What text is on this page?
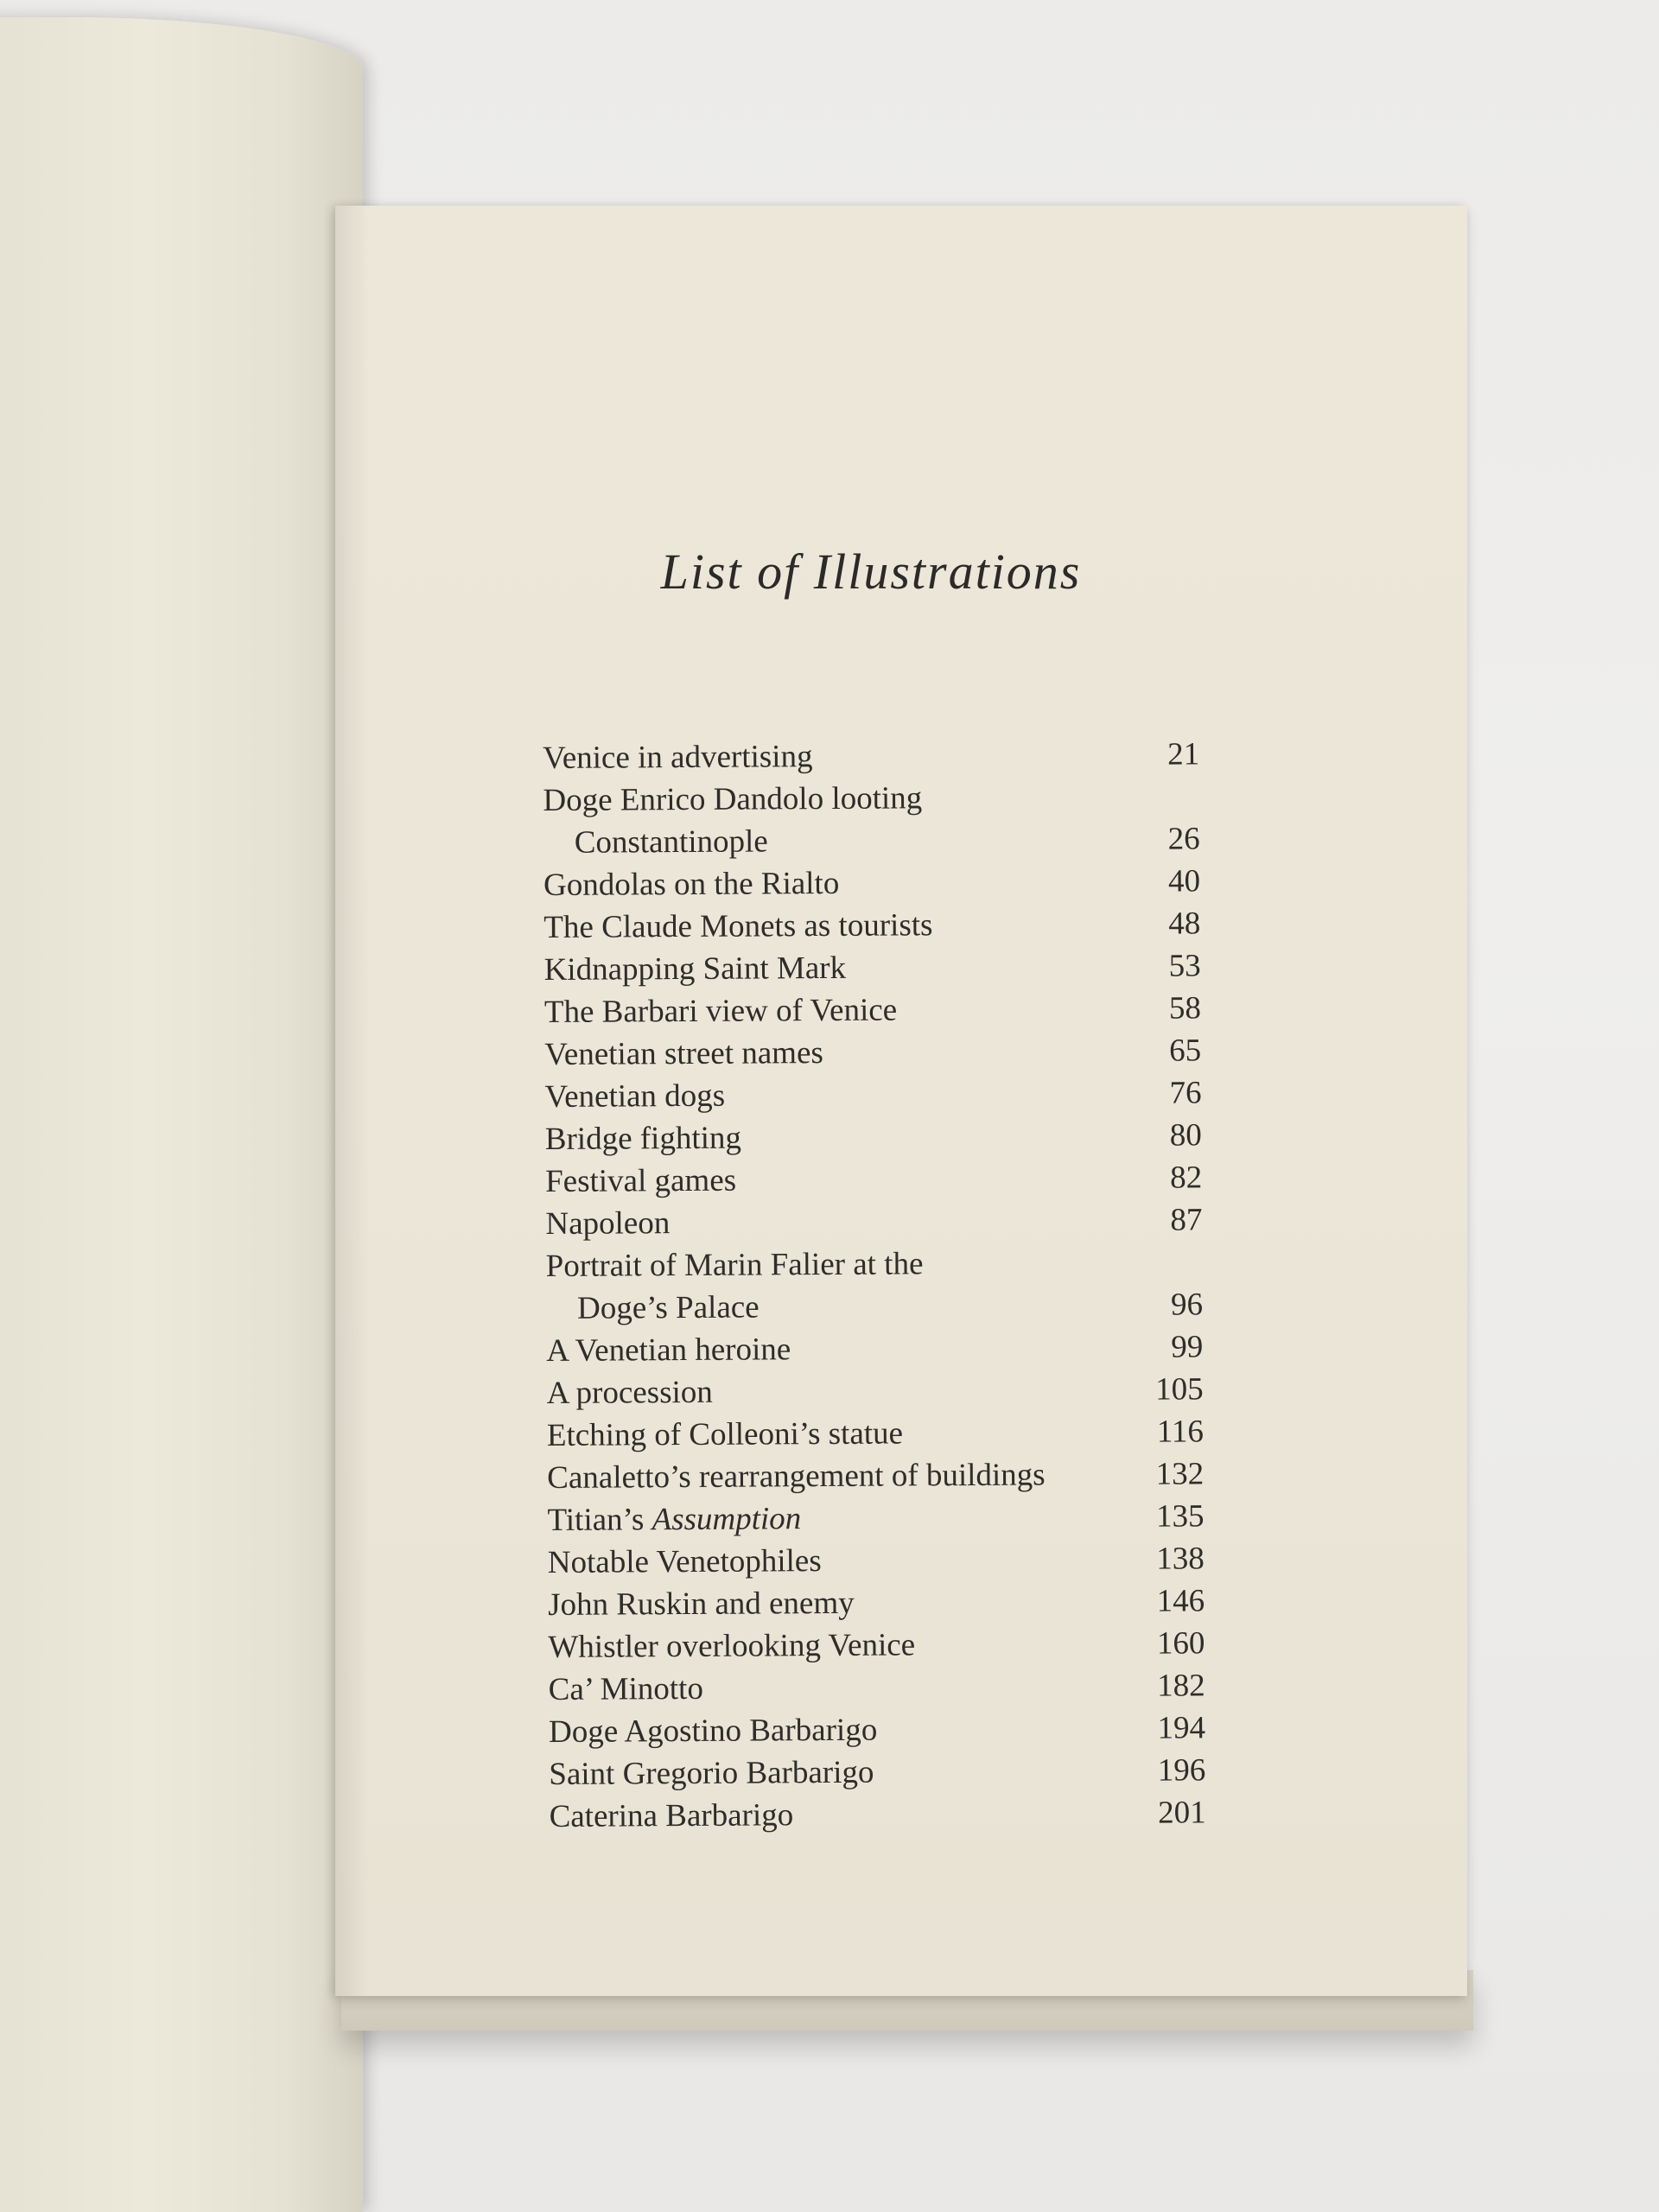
List of Illustrations
Venice in advertising	21
Doge Enrico Dandolo looting
Constantinople	26
Gondolas on the Rialto	40
The Claude Monets as tourists	48
Kidnapping Saint Mark	53
The Barbari view of Venice	58
Venetian street names	65
Venetian dogs	76
Bridge fighting	80
Festival games	82
Napoleon	87
Portrait of Marin Falier at the
Doge’s Palace	96
A Venetian heroine	99
A procession	105
Etching of Colleoni’s statue	116
Canaletto’s rearrangement of buildings	132
Titian’s Assumption	135
Notable Venetophiles	138
John Ruskin and enemy	146
Whistler overlooking Venice	160
Ca’ Minotto	182
Doge Agostino Barbarigo	194
Saint Gregorio Barbarigo	196
Caterina Barbarigo	201
